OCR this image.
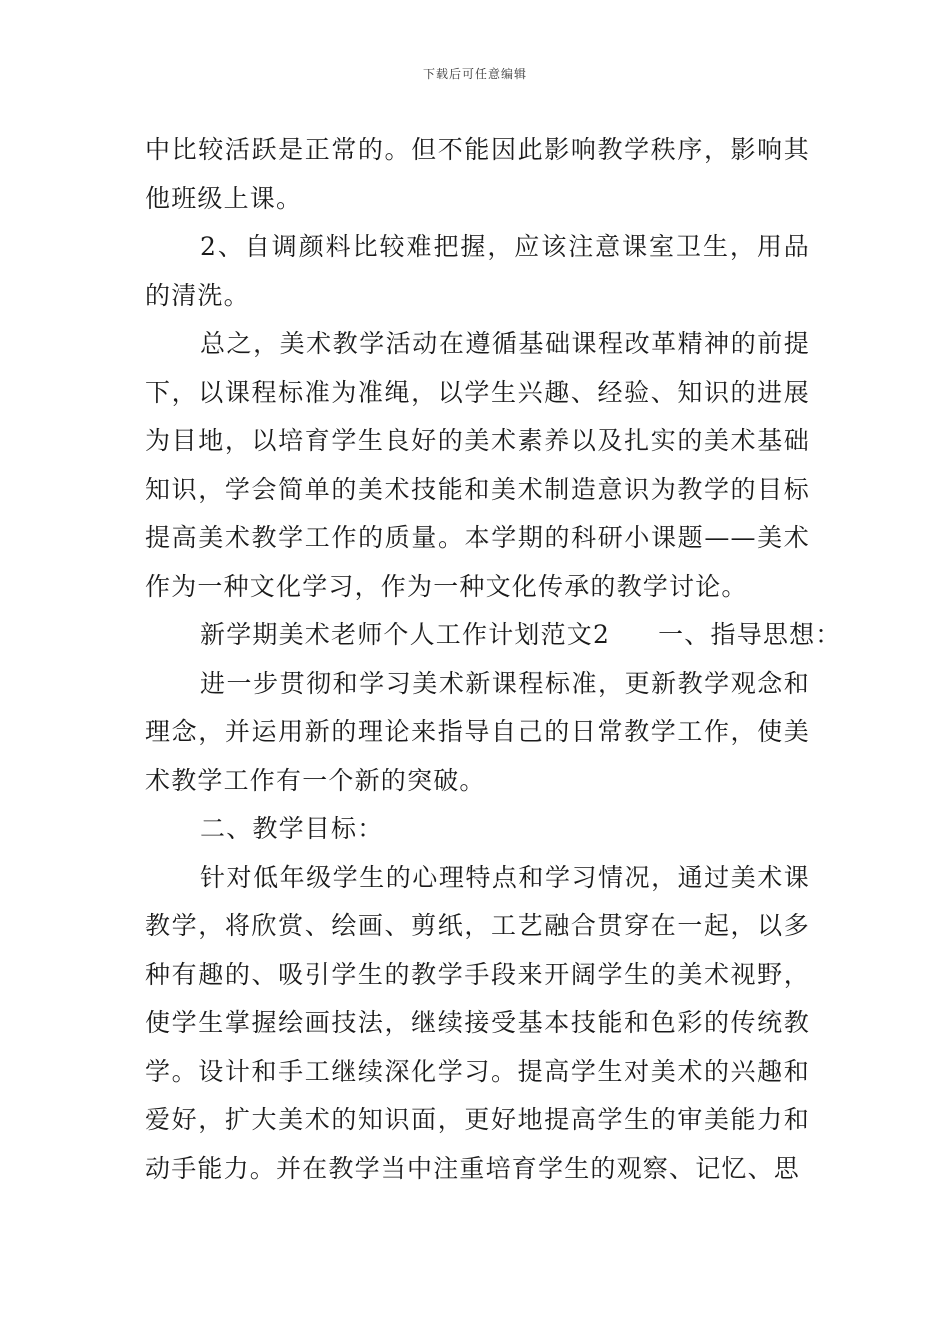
下载后可任意编辑

中比较活跃是正常的。但不能因此影响教学秩序，影响其他班级上课。

2、自调颜料比较难把握，应该注意课室卫生，用品的清洗。

总之，美术教学活动在遵循基础课程改革精神的前提下，以课程标准为准绳，以学生兴趣、经验、知识的进展为目地，以培育学生良好的美术素养以及扎实的美术基础知识，学会简单的美术技能和美术制造意识为教学的目标提高美术教学工作的质量。本学期的科研小课题——美术作为一种文化学习，作为一种文化传承的教学讨论。

新学期美术老师个人工作计划范文2 一、指导思想：

进一步贯彻和学习美术新课程标准，更新教学观念和理念，并运用新的理论来指导自己的日常教学工作，使美术教学工作有一个新的突破。

二、教学目标：

针对低年级学生的心理特点和学习情况，通过美术课教学，将欣赏、绘画、剪纸，工艺融合贯穿在一起，以多种有趣的、吸引学生的教学手段来开阔学生的美术视野，使学生掌握绘画技法，继续接受基本技能和色彩的传统教学。设计和手工继续深化学习。提高学生对美术的兴趣和爱好，扩大美术的知识面，更好地提高学生的审美能力和动手能力。并在教学当中注重培育学生的观察、记忆、思
